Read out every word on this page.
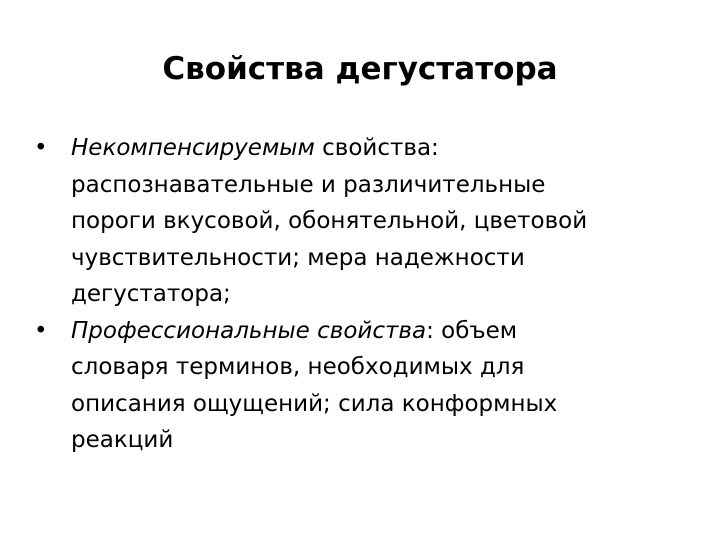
Свойства дегустатора
• Некомпенсируемым свойства:
распознавательные и различительные
пороги вкусовой, обонятельной, цветовой
чувствительности; мера надежности
дегустатора;
• Профессиональные свойства: объем
словаря терминов, необходимых для
описания ощущений; сила конформных
реакций
